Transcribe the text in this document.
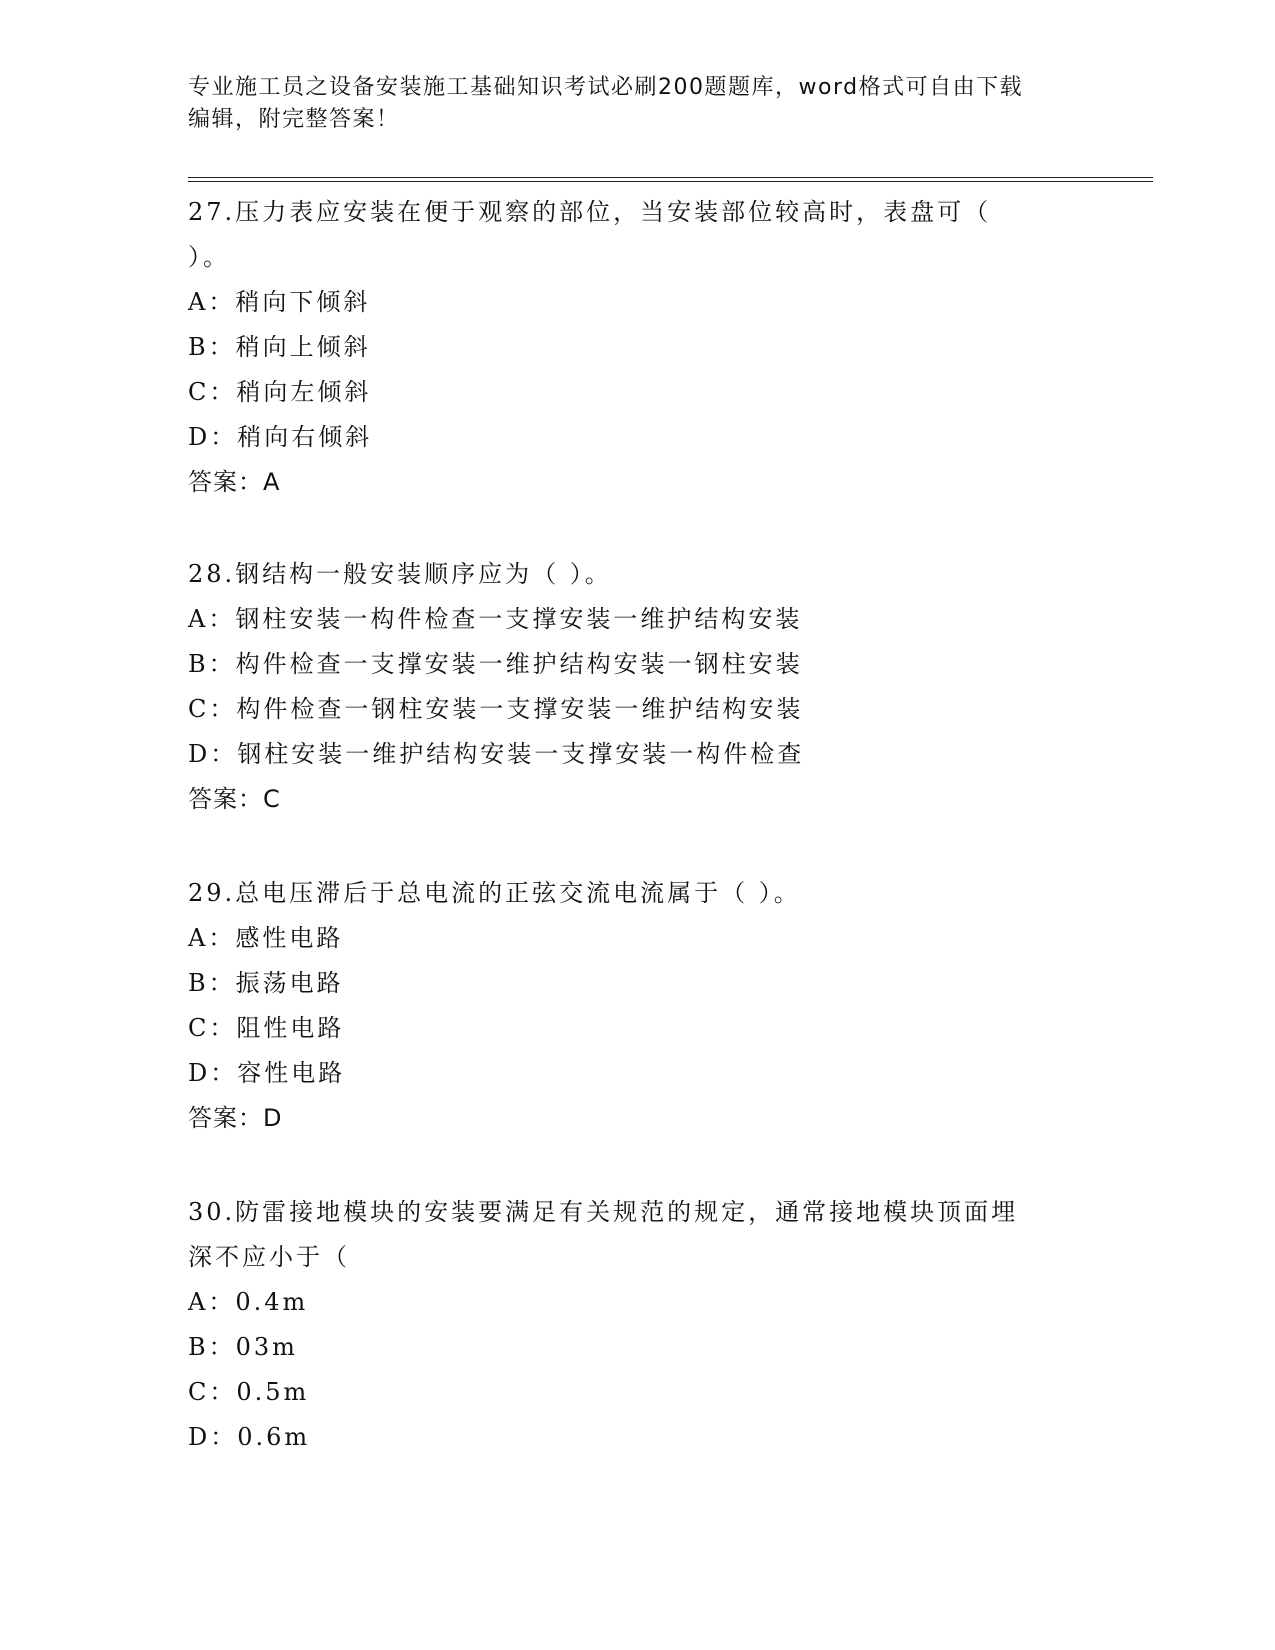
专业施工员之设备安装施工基础知识考试必刷200题题库，word格式可自由下载
编辑，附完整答案！
27.压力表应安装在便于观察的部位，当安装部位较高时，表盘可（
）。
A：稍向下倾斜
B：稍向上倾斜
C：稍向左倾斜
D：稍向右倾斜
答案：A
28.钢结构一般安装顺序应为（ ）。
A：钢柱安装一构件检查一支撑安装一维护结构安装
B：构件检查一支撑安装一维护结构安装一钢柱安装
C：构件检查一钢柱安装一支撑安装一维护结构安装
D：钢柱安装一维护结构安装一支撑安装一构件检查
答案：C
29.总电压滞后于总电流的正弦交流电流属于（ ）。
A：感性电路
B：振荡电路
C：阻性电路
D：容性电路
答案：D
30.防雷接地模块的安装要满足有关规范的规定，通常接地模块顶面埋
深不应小于（
A：0.4m
B：03m
C：0.5m
D：0.6m
